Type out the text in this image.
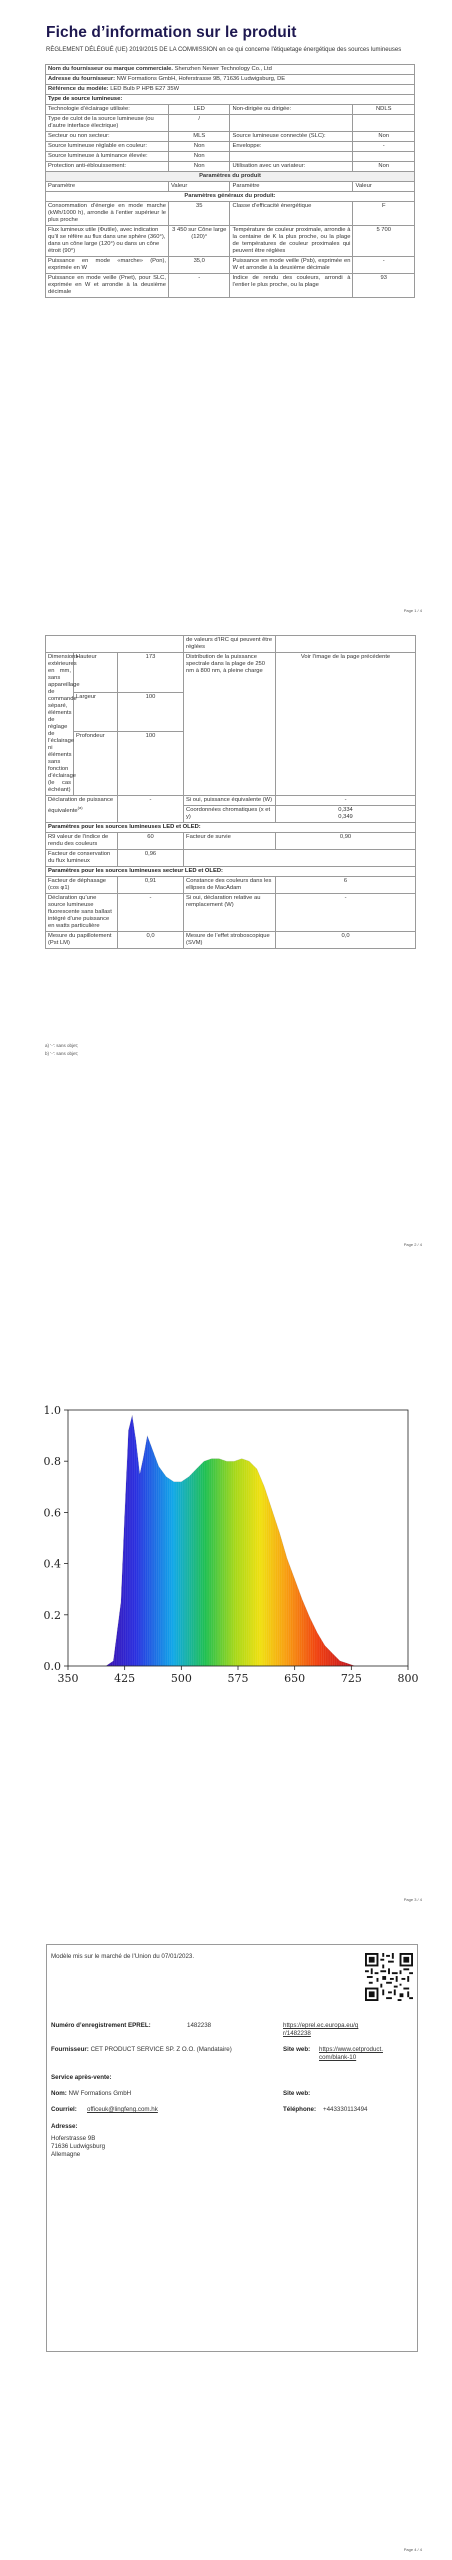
Fiche d’information sur le produit
RÈGLEMENT DÉLÉGUÉ (UE) 2019/2015 DE LA COMMISSION en ce qui concerne l'étiquetage énergétique des sources lumineuses
Nom du fournisseur ou marque commerciale. Shenzhen Newer Technology Co., Ltd			
Adresse du fournisseur: NW Formations GmbH, Hoferstrasse 9B, 71636 Ludwigsburg, DE			
Référence du modèle: LED Bulb P HPB E27 35W			
Type de source lumineuse:			
Technologie d’éclairage utilisée:	LED	Non-dirigée ou dirigée:	NDLS
Type de culot de la source lumineuse (ou d’autre interface électrique)	/		
Secteur ou non secteur:	MLS	Source lumineuse connectée (SLC):	Non
Source lumineuse réglable en couleur:	Non	Enveloppe:	-
Source lumineuse à luminance élevée:	Non		
Protection anti-éblouissement:	Non	Utilisation avec un variateur:	Non
Paramètres du produit			
Paramètre	Valeur	Paramètre	Valeur
Paramètres généraux du produit:			
Consommation d’énergie en mode marche (kWh/1000 h), arrondie à l’entier supérieur le plus proche	35	Classe d’efficacité énergétique	F
Flux lumineux utile (Φutile), avec indication qu’il se réfère au flux dans une sphère (360°), dans un cône large (120°) ou dans un cône étroit (90°)	3 450 sur Cône large (120)°	Température de couleur proximale, arrondie à la centaine de K la plus proche, ou la plage de températures de couleur proximales qui peuvent être réglées	5 700
Puissance en mode «marche» (Pon), exprimée en W	35,0	Puissance en mode veille (Psb), exprimée en W et arrondie à la deuxième décimale	-
Puissance en mode veille (Pnet), pour SLC, exprimée en W et arrondie à la deuxième décimale	-	Indice de rendu des couleurs, arrondi à l’entier le plus proche, ou la plage	93
Page 1 / 4
			de valeurs d’IRC qui peuvent être réglées	
Dimensions extérieures en mm, sans appareillage de commande séparé, éléments de réglage de l’éclairage ni éléments sans fonction d’éclairage (le cas échéant)	Hauteur	173	Distribution de la puissance spectrale dans la plage de 250 nm à 800 nm, à pleine charge	Voir l’image de la page précédente
	Largeur	100		
	Profondeur	100		
Déclaration de puissance équivalente$^{(a)}$		-	Si oui, puissance équivalente (W)	-
			Coordonnées chromatiques (x et y)	0,334
0,349
Paramètres pour les sources lumineuses LED et OLED:				
R9 valeur de l’indice de rendu des couleurs		60	Facteur de survie	0,90
Facteur de conservation du flux lumineux		0,96		
Paramètres pour les sources lumineuses secteur LED et OLED:				
Facteur de déphasage (cos φ1)		0,91	Constance des couleurs dans les ellipses de MacAdam	6
Déclaration qu’une source lumineuse fluorescente sans ballast intégré d’une puissance en watts particulière		-	Si oui, déclaration relative au remplacement (W)	-
Mesure du papillotement (Pst LM)		0,0	Mesure de l’effet stroboscopique (SVM)	0,0
a) ‘-’: sans objet;
b) ‘-’: sans objet;
Page 2 / 4
350	425	500	575	650	725	800
0.0
0.2
0.4
0.6
0.8
1.0
Page 3 / 4
Modèle mis sur le marché de l’Union du 07/01/2023.
Numéro d’enregistrement EPREL:	1482238	https://eprel.ec.europa.eu/qr/1482238
Fournisseur: CET PRODUCT SERVICE SP. Z O.O. (Mandataire)	Site web: https://www.cetproduct.com/blank-10
Service après-vente:
Nom: NW Formations GmbH	Site web:
Courriel: officeuk@lingfeng.com.hk	Téléphone: +443330113494
Adresse:
Hoferstrasse 9B
71636 Ludwigsburg
Allemagne
Page 4 / 4
